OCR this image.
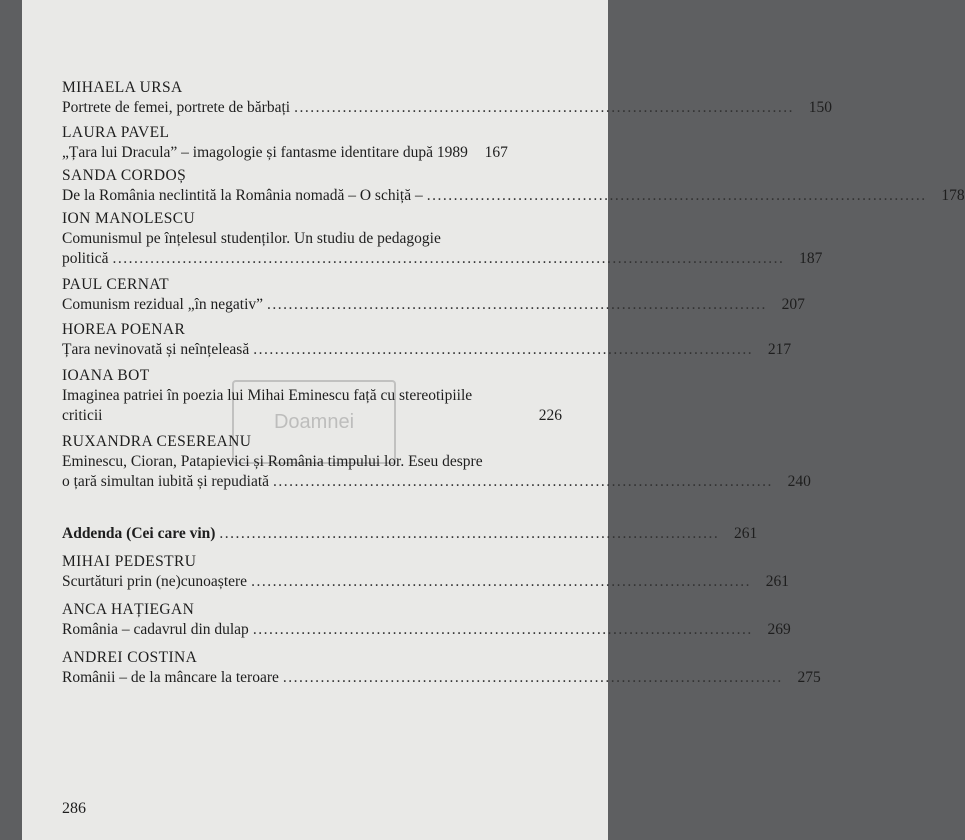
Doamnei
MIHAELA URSA
Portrete de femei, portrete de bărbați ............................................................................................. 150
LAURA PAVEL
„Țara lui Dracula” – imagologie și fantasme identitare după 1989	167
SANDA CORDOȘ
De la România neclintită la România nomadă – O schiță – ............................................................................................. 178
ION MANOLESCU
Comunismul pe înțelesul studenților. Un studiu de pedagogie
politică ............................................................................................................................. 187
PAUL CERNAT
Comunism rezidual „în negativ” ............................................................................................. 207
HOREA POENAR
Țara nevinovată și neînțeleasă ............................................................................................. 217
IOANA BOT
Imaginea patriei în poezia lui Mihai Eminescu față cu stereotipiile
criticii	226
RUXANDRA CESEREANU
Eminescu, Cioran, Patapievici și România timpului lor. Eseu despre
o țară simultan iubită și repudiată ............................................................................................. 240
Addenda (Cei care vin) ............................................................................................. 261
MIHAI PEDESTRU
Scurtături prin (ne)cunoaștere ............................................................................................. 261
ANCA HAȚIEGAN
România – cadavrul din dulap ............................................................................................. 269
ANDREI COSTINA
Românii – de la mâncare la teroare ............................................................................................. 275
286
